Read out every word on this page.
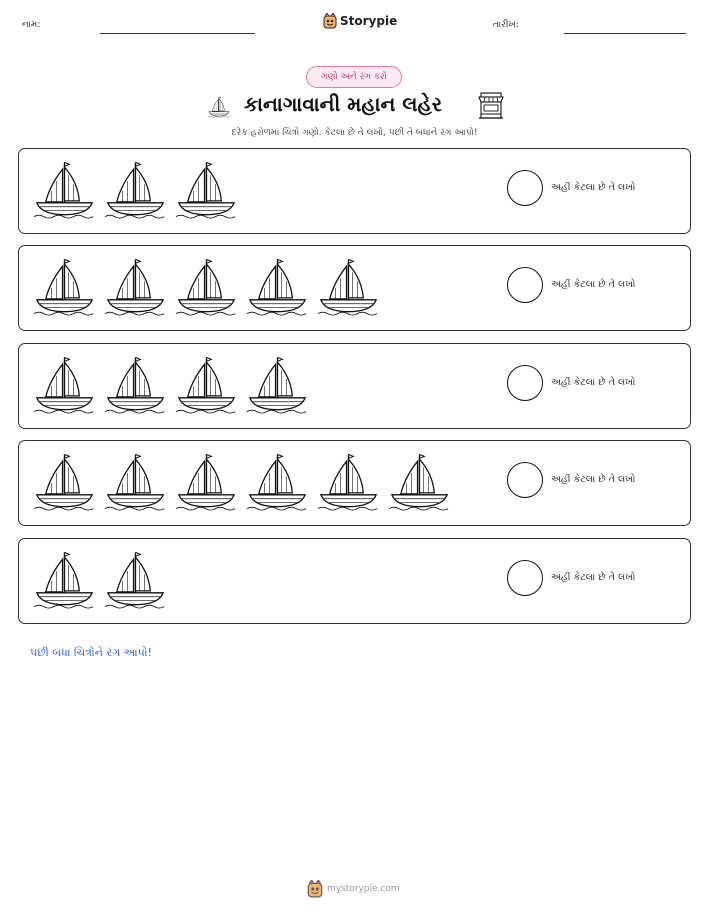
નામ:	Storypie	તારીખ:
ગણો અને રંગ કરો
કાનાગાવાની મહાન લહેર
દરેક હરોળમાં ચિત્રો ગણો. કેટલા છે તે લખો, પછી તે બધાને રંગ આપો!
અહીં કેટલા છે તે લખો
અહીં કેટલા છે તે લખો
અહીં કેટલા છે તે લખો
અહીં કેટલા છે તે લખો
અહીં કેટલા છે તે લખો
પછી બધા ચિત્રોને રંગ આપો!
mystorypie.com
